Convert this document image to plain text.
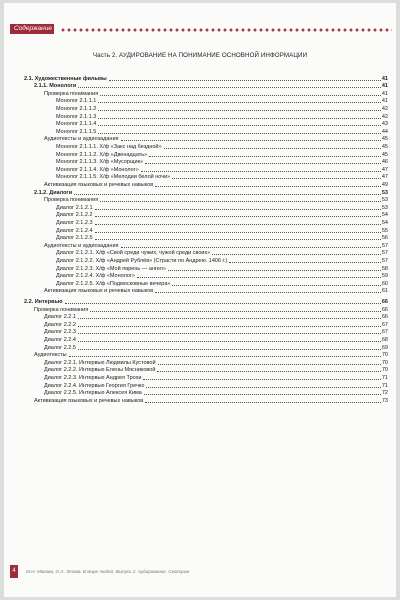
Содержание
Часть 2. АУДИРОВАНИЕ НА ПОНИМАНИЕ ОСНОВНОЙ ИНФОРМАЦИИ
2.1. Художественные фильмы	41
2.1.1. Монологи	41
Проверка понимания	41
Монолог 2.1.1.1	41
Монолог 2.1.1.2	42
Монолог 2.1.1.3	42
Монолог 2.1.1.4	43
Монолог 2.1.1.5	44
Аудиотексты и аудиозадания	45
Монолог 2.1.1.1. Х/ф «Закс над бездной»	45
Монолог 2.1.1.2. Х/ф «Двенадцать»	45
Монолог 2.1.1.3. Х/ф «Мусорщик»	46
Монолог 2.1.1.4. Х/ф «Монолог»	47
Монолог 2.1.1.5. Х/ф «Мелодии белой ночи»	47
Активизация языковых и речевых навыков	49
2.1.2. Диалоги	53
Проверка понимания	53
Диалог 2.1.2.1	53
Диалог 2.1.2.2	54
Диалог 2.1.2.3	54
Диалог 2.1.2.4	55
Диалог 2.1.2.5	56
Аудиотексты и аудиозадания	57
Диалог 2.1.2.1. Х/ф «Свой среди чужих, чужой среди своих»	57
Диалог 2.1.2.2. Х/ф «Андрей Рублёв» (Страсти по Андрею. 1406 г.)	57
Диалог 2.1.2.3. Х/ф «Мой парень — ангел»	58
Диалог 2.1.2.4. Х/ф «Монолог»	59
Диалог 2.1.2.5. Х/ф «Подмосковные вечера»	60
Активизация языковых и речевых навыков	61
2.2. Интервью	66
Проверка понимания	66
Диалог 2.2.1	66
Диалог 2.2.2	67
Диалог 2.2.3	67
Диалог 2.2.4	68
Диалог 2.2.5	69
Аудиотексты	70
Диалог 2.2.1. Интервью Людмилы Кустовой	70
Диалог 2.2.2. Интервью Елены Мясниковой	70
Диалог 2.2.3. Интервью Андрея Трохи	71
Диалог 2.2.4. Интервью Георгия Гречко	71
Диалог 2.2.5. Интервью Алексея Кима	72
Активизация языковых и речевых навыков	73
4	М.Н. Макова, О.А. Этова. В мире людей. Выпуск 2. Аудирование. Смотрим
